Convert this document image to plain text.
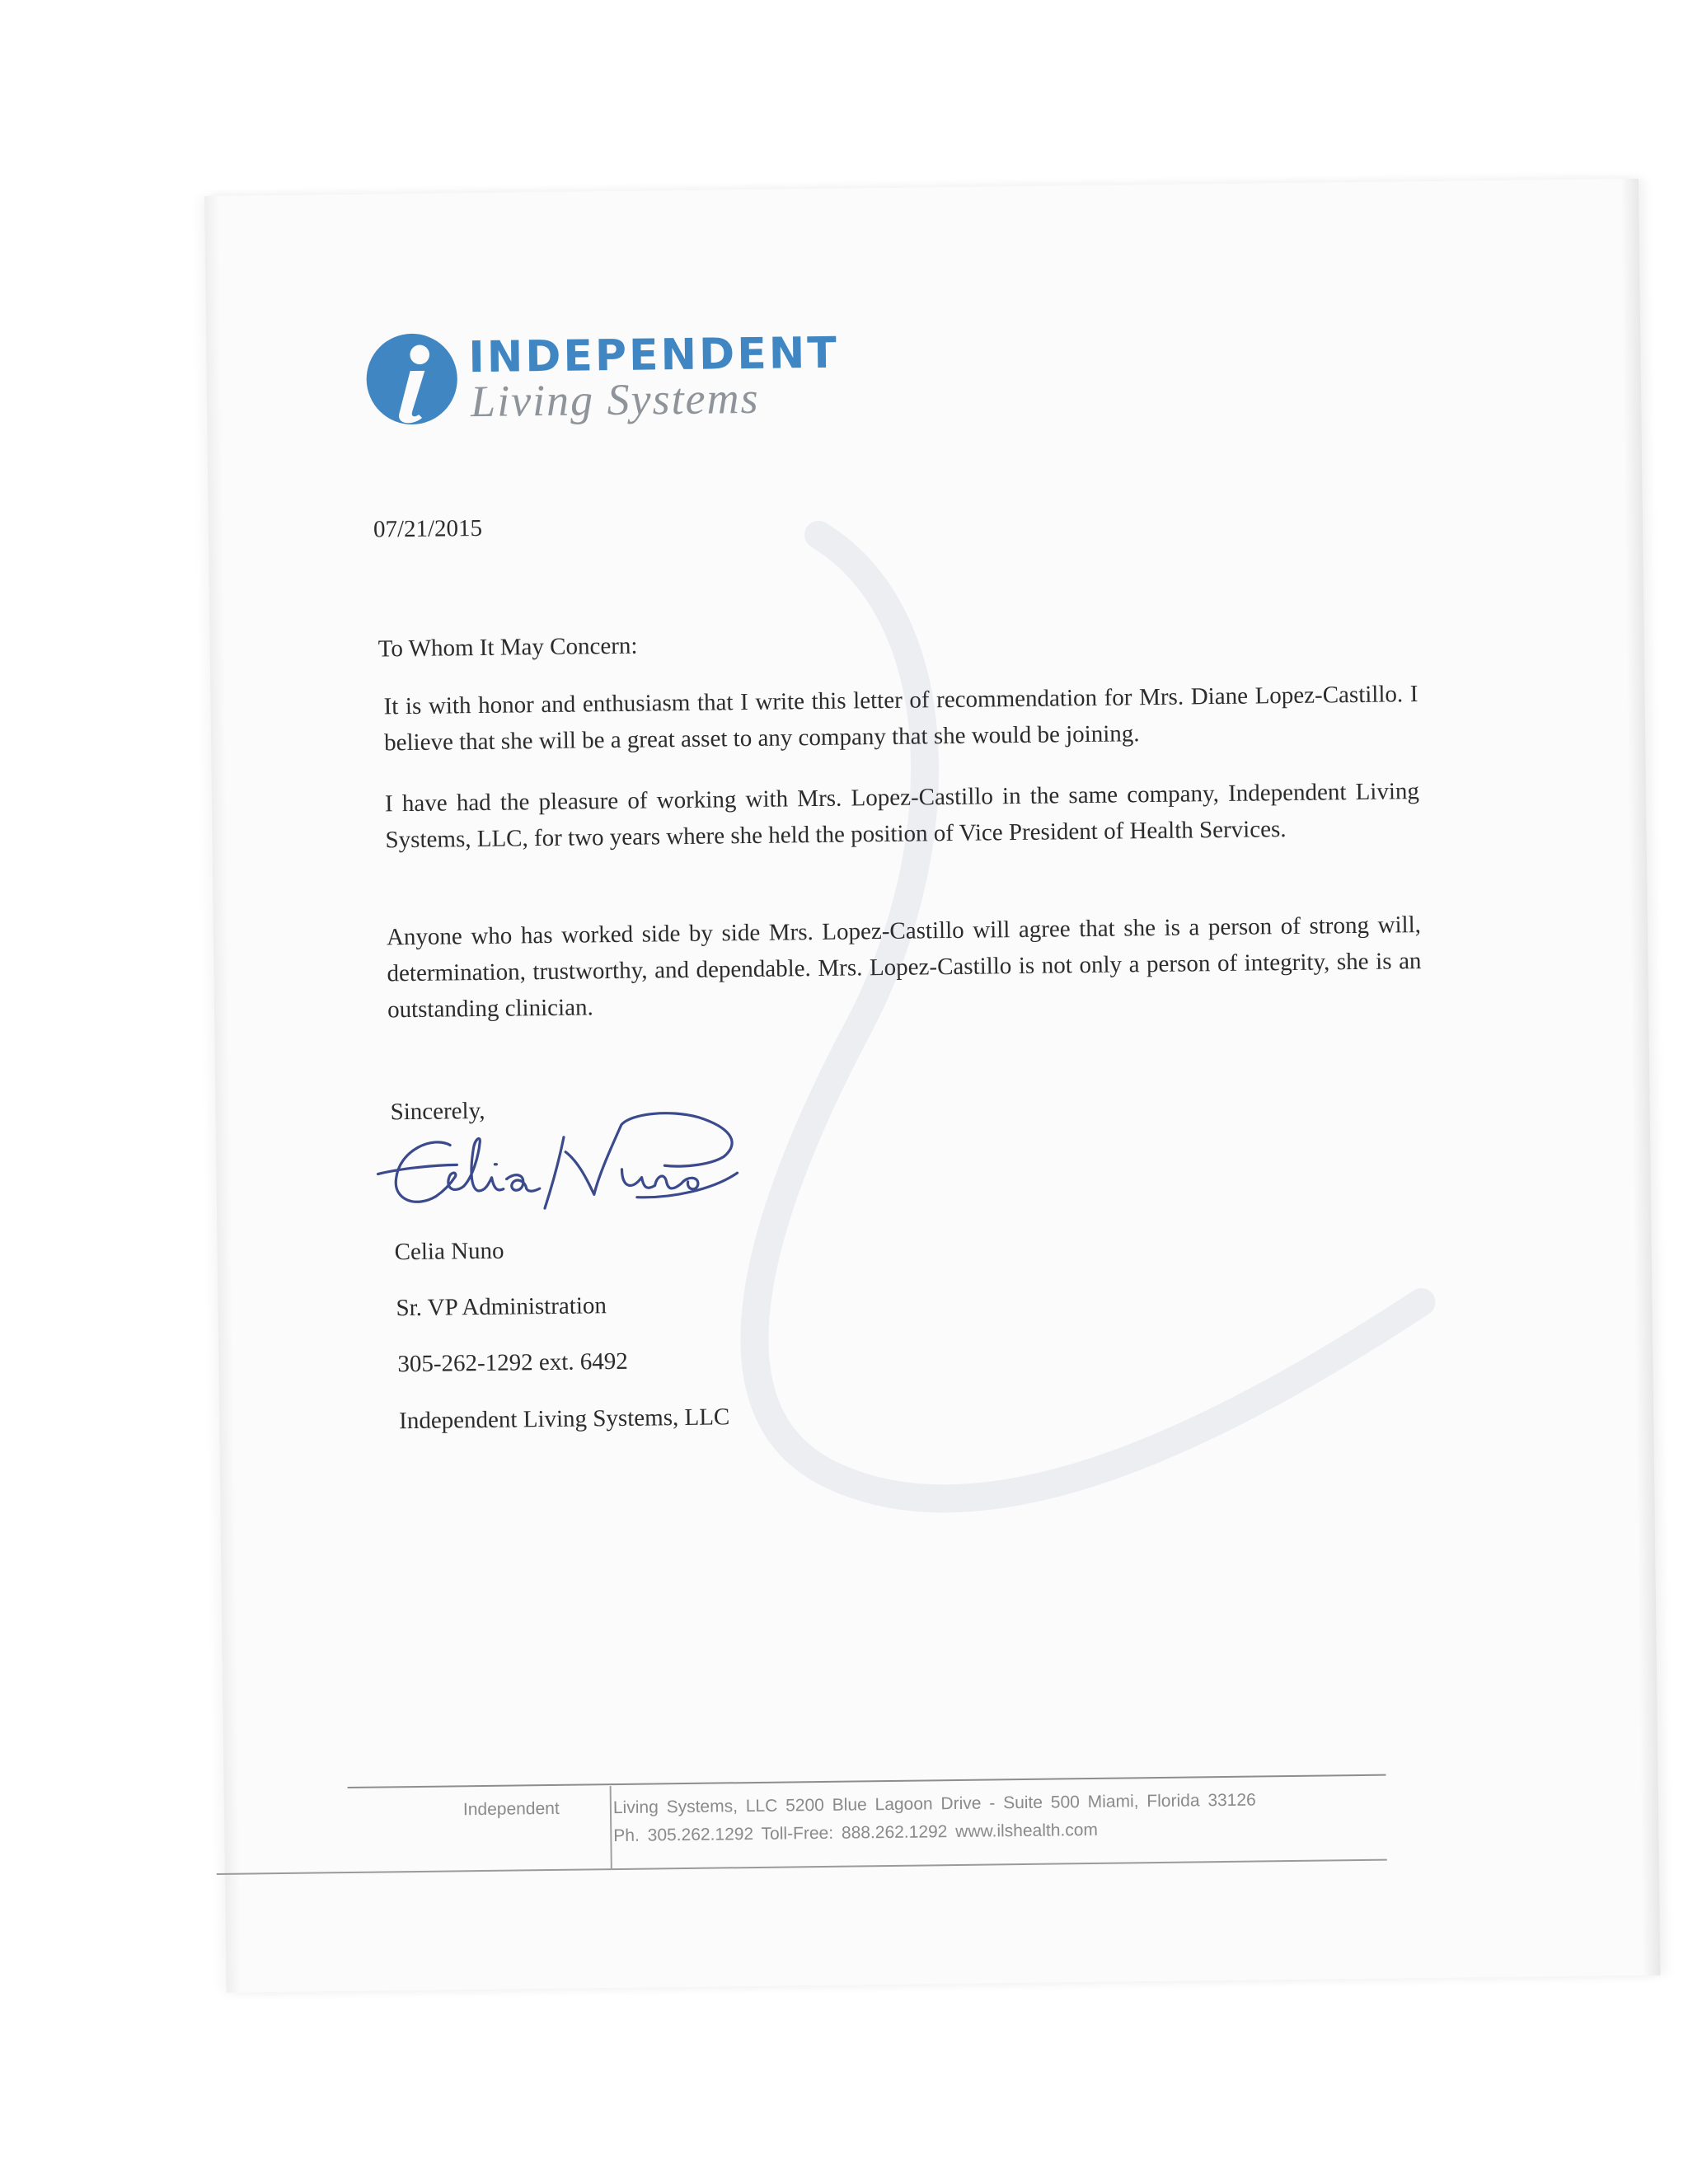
INDEPENDENT
Living Systems
07/21/2015
To Whom It May Concern:
It is with honor and enthusiasm that I write this letter of recommendation for Mrs. Diane Lopez-Castillo. I believe that she will be a great asset to any company that she would be joining.
I have had the pleasure of working with Mrs. Lopez-Castillo in the same company, Independent Living Systems, LLC, for two years where she held the position of Vice President of Health Services.
Anyone who has worked side by side Mrs. Lopez-Castillo will agree that she is a person of strong will, determination, trustworthy, and dependable. Mrs. Lopez-Castillo is not only a person of integrity, she is an outstanding clinician.
Sincerely,
Celia Nuno
Sr. VP Administration
305-262-1292 ext. 6492
Independent Living Systems, LLC
Independent	Living Systems, LLC 5200 Blue Lagoon Drive - Suite 500 Miami, Florida 33126
Ph. 305.262.1292 Toll-Free: 888.262.1292 www.ilshealth.com
